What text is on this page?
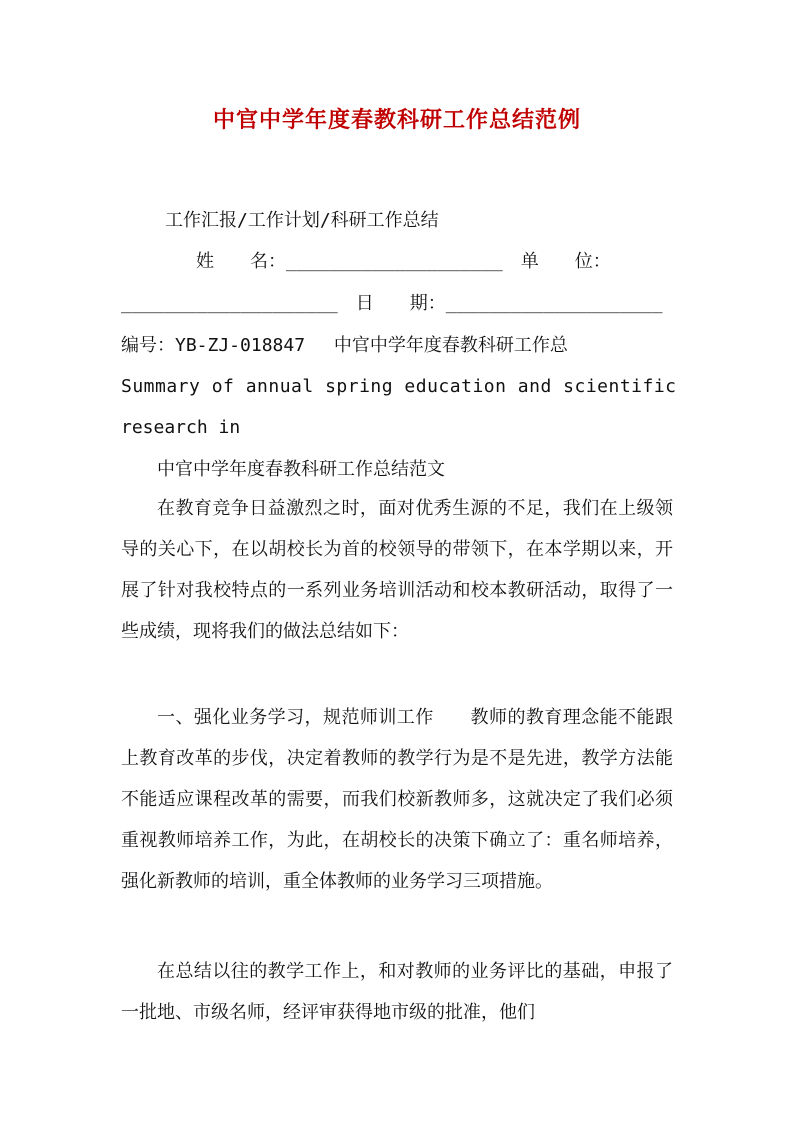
中官中学年度春教科研工作总结范例
工作汇报/工作计划/科研工作总结
姓　　名：____________________　单　　位：
____________________　日　　期：____________________
编号：YB-ZJ-018847　 中官中学年度春教科研工作总
Summary of annual spring education and scientific
research in
中官中学年度春教科研工作总结范文
在教育竞争日益激烈之时，面对优秀生源的不足，我们在上级领导的关心下，在以胡校长为首的校领导的带领下，在本学期以来，开展了针对我校特点的一系列业务培训活动和校本教研活动，取得了一些成绩，现将我们的做法总结如下：
一、强化业务学习，规范师训工作　　教师的教育理念能不能跟上教育改革的步伐，决定着教师的教学行为是不是先进，教学方法能不能适应课程改革的需要，而我们校新教师多，这就决定了我们必须重视教师培养工作，为此，在胡校长的决策下确立了：重名师培养，强化新教师的培训，重全体教师的业务学习三项措施。
在总结以往的教学工作上，和对教师的业务评比的基础，申报了一批地、市级名师，经评审获得地市级的批准，他们
